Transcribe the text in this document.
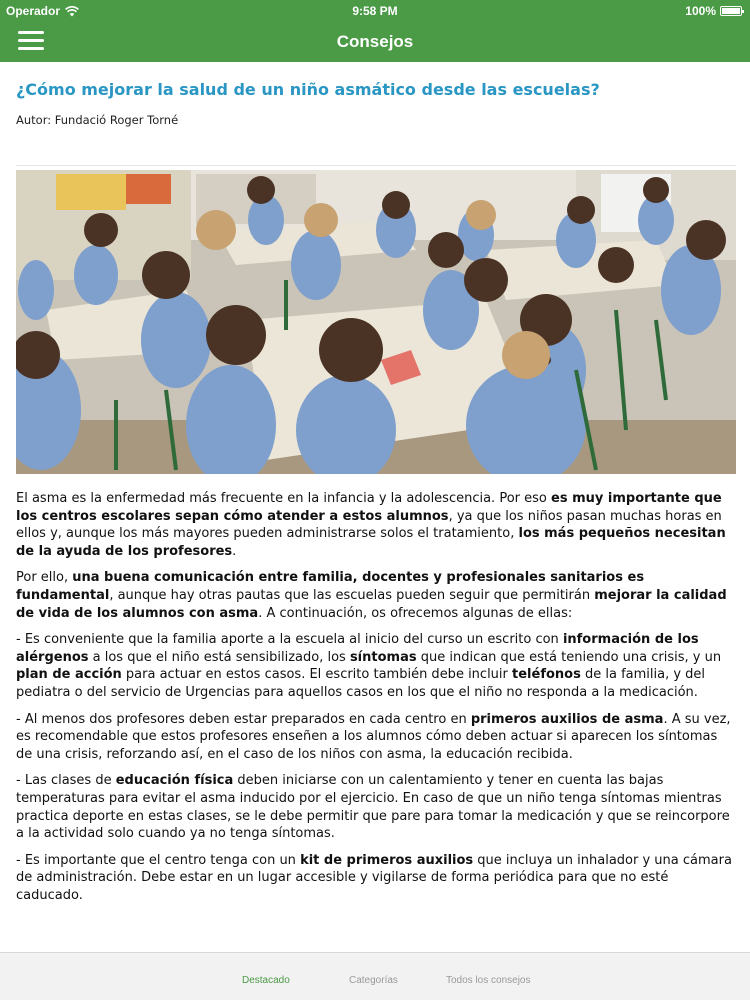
Operador	9:58 PM	100%
Consejos
¿Cómo mejorar la salud de un niño asmático desde las escuelas?
Autor: Fundació Roger Torné

El asma es la enfermedad más frecuente en la infancia y la adolescencia. Por eso es muy importante que los centros escolares sepan cómo atender a estos alumnos, ya que los niños pasan muchas horas en ellos y, aunque los más mayores pueden administrarse solos el tratamiento, los más pequeños necesitan de la ayuda de los profesores.

Por ello, una buena comunicación entre familia, docentes y profesionales sanitarios es fundamental, aunque hay otras pautas que las escuelas pueden seguir que permitirán mejorar la calidad de vida de los alumnos con asma. A continuación, os ofrecemos algunas de ellas:

- Es conveniente que la familia aporte a la escuela al inicio del curso un escrito con información de los alérgenos a los que el niño está sensibilizado, los síntomas que indican que está teniendo una crisis, y un plan de acción para actuar en estos casos. El escrito también debe incluir teléfonos de la familia, y del pediatra o del servicio de Urgencias para aquellos casos en los que el niño no responda a la medicación.

- Al menos dos profesores deben estar preparados en cada centro en primeros auxilios de asma. A su vez, es recomendable que estos profesores enseñen a los alumnos cómo deben actuar si aparecen los síntomas de una crisis, reforzando así, en el caso de los niños con asma, la educación recibida.

- Las clases de educación física deben iniciarse con un calentamiento y tener en cuenta las bajas temperaturas para evitar el asma inducido por el ejercicio. En caso de que un niño tenga síntomas mientras practica deporte en estas clases, se le debe permitir que pare para tomar la medicación y que se reincorpore a la actividad solo cuando ya no tenga síntomas.

- Es importante que el centro tenga con un kit de primeros auxilios que incluya un inhalador y una cámara de administración. Debe estar en un lugar accesible y vigilarse de forma periódica para que no esté caducado.

Destacado	Categorías	Todos los consejos
